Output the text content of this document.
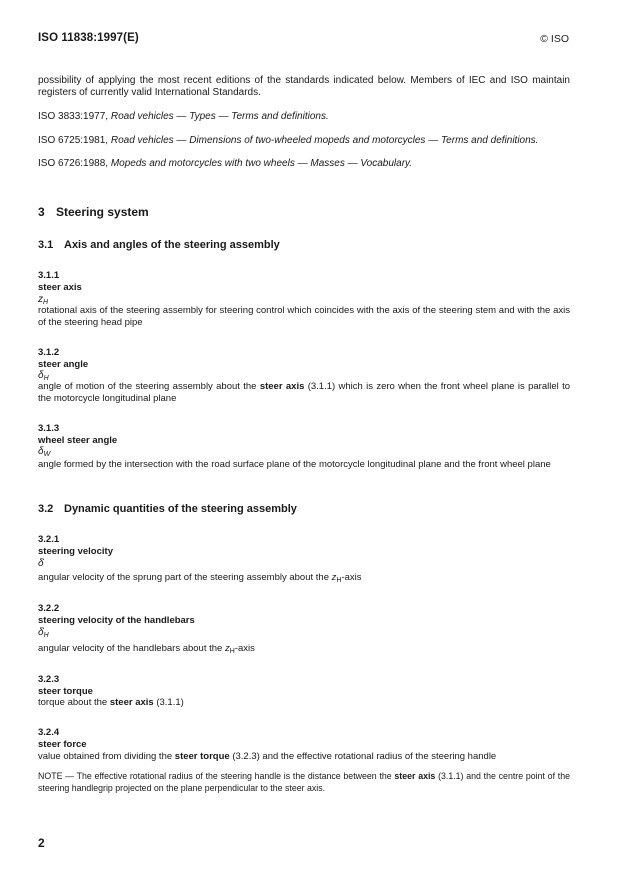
ISO 11838:1997(E)	© ISO
possibility of applying the most recent editions of the standards indicated below. Members of IEC and ISO maintain registers of currently valid International Standards.
ISO 3833:1977, Road vehicles — Types — Terms and definitions.
ISO 6725:1981, Road vehicles — Dimensions of two-wheeled mopeds and motorcycles — Terms and definitions.
ISO 6726:1988, Mopeds and motorcycles with two wheels — Masses — Vocabulary.
3 Steering system
3.1 Axis and angles of the steering assembly
3.1.1
steer axis
$z_H$
rotational axis of the steering assembly for steering control which coincides with the axis of the steering stem and with the axis of the steering head pipe
3.1.2
steer angle
$\delta_H$
angle of motion of the steering assembly about the steer axis (3.1.1) which is zero when the front wheel plane is parallel to the motorcycle longitudinal plane
3.1.3
wheel steer angle
$\delta_W$
angle formed by the intersection with the road surface plane of the motorcycle longitudinal plane and the front wheel plane
3.2 Dynamic quantities of the steering assembly
3.2.1
steering velocity
δ̇
angular velocity of the sprung part of the steering assembly about the $z_H$-axis
3.2.2
steering velocity of the handlebars
$\deltȧ_H$
angular velocity of the handlebars about the $z_H$-axis
3.2.3
steer torque
torque about the steer axis (3.1.1)
3.2.4
steer force
value obtained from dividing the steer torque (3.2.3) and the effective rotational radius of the steering handle
NOTE — The effective rotational radius of the steering handle is the distance between the steer axis (3.1.1) and the centre point of the steering handlegrip projected on the plane perpendicular to the steer axis.
2
